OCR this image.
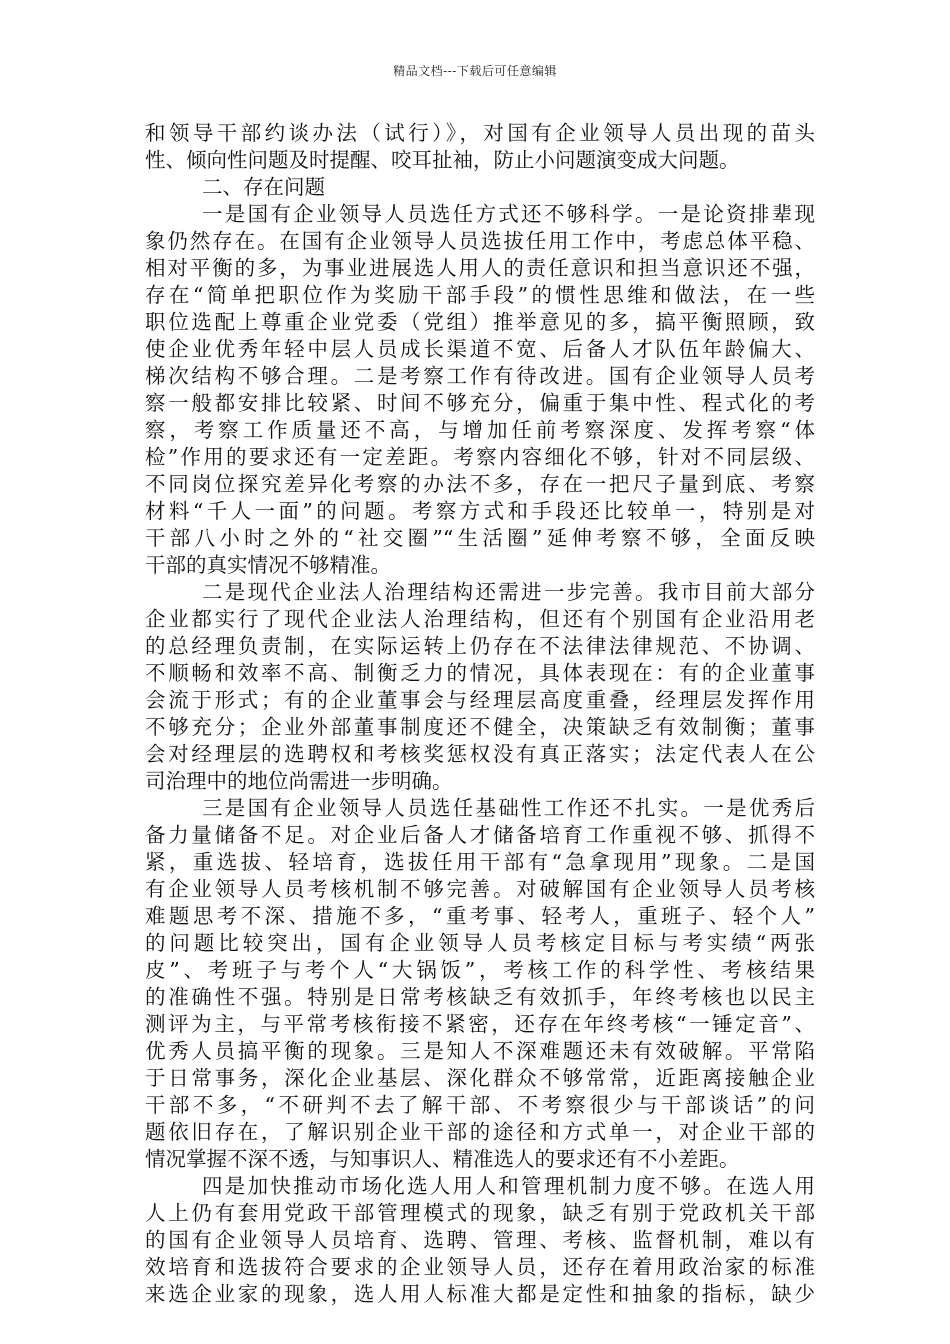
精品文档---下载后可任意编辑
和领导干部约谈办法（试行）》，对国有企业领导人员出现的苗头
性、倾向性问题及时提醒、咬耳扯袖，防止小问题演变成大问题。
二、存在问题
一是国有企业领导人员选任方式还不够科学。一是论资排辈现
象仍然存在。在国有企业领导人员选拔任用工作中，考虑总体平稳、
相对平衡的多，为事业进展选人用人的责任意识和担当意识还不强，
存在“简单把职位作为奖励干部手段”的惯性思维和做法，在一些
职位选配上尊重企业党委（党组）推举意见的多，搞平衡照顾，致
使企业优秀年轻中层人员成长渠道不宽、后备人才队伍年龄偏大、
梯次结构不够合理。二是考察工作有待改进。国有企业领导人员考
察一般都安排比较紧、时间不够充分，偏重于集中性、程式化的考
察，考察工作质量还不高，与增加任前考察深度、发挥考察“体
检”作用的要求还有一定差距。考察内容细化不够，针对不同层级、
不同岗位探究差异化考察的办法不多，存在一把尺子量到底、考察
材料“千人一面”的问题。考察方式和手段还比较单一，特别是对
干部八小时之外的“社交圈”“生活圈”延伸考察不够，全面反映
干部的真实情况不够精准。
二是现代企业法人治理结构还需进一步完善。我市目前大部分
企业都实行了现代企业法人治理结构，但还有个别国有企业沿用老
的总经理负责制，在实际运转上仍存在不法律法律规范、不协调、
不顺畅和效率不高、制衡乏力的情况，具体表现在：有的企业董事
会流于形式；有的企业董事会与经理层高度重叠，经理层发挥作用
不够充分；企业外部董事制度还不健全，决策缺乏有效制衡；董事
会对经理层的选聘权和考核奖惩权没有真正落实；法定代表人在公
司治理中的地位尚需进一步明确。
三是国有企业领导人员选任基础性工作还不扎实。一是优秀后
备力量储备不足。对企业后备人才储备培育工作重视不够、抓得不
紧，重选拔、轻培育，选拔任用干部有“急拿现用”现象。二是国
有企业领导人员考核机制不够完善。对破解国有企业领导人员考核
难题思考不深、措施不多，“重考事、轻考人，重班子、轻个人”
的问题比较突出，国有企业领导人员考核定目标与考实绩“两张
皮”、考班子与考个人“大锅饭”，考核工作的科学性、考核结果
的准确性不强。特别是日常考核缺乏有效抓手，年终考核也以民主
测评为主，与平常考核衔接不紧密，还存在年终考核“一锤定音”、
优秀人员搞平衡的现象。三是知人不深难题还未有效破解。平常陷
于日常事务，深化企业基层、深化群众不够常常，近距离接触企业
干部不多，“不研判不去了解干部、不考察很少与干部谈话”的问
题依旧存在，了解识别企业干部的途径和方式单一，对企业干部的
情况掌握不深不透，与知事识人、精准选人的要求还有不小差距。
四是加快推动市场化选人用人和管理机制力度不够。在选人用
人上仍有套用党政干部管理模式的现象，缺乏有别于党政机关干部
的国有企业领导人员培育、选聘、管理、考核、监督机制，难以有
效培育和选拔符合要求的企业领导人员，还存在着用政治家的标准
来选企业家的现象，选人用人标准大都是定性和抽象的指标，缺少
